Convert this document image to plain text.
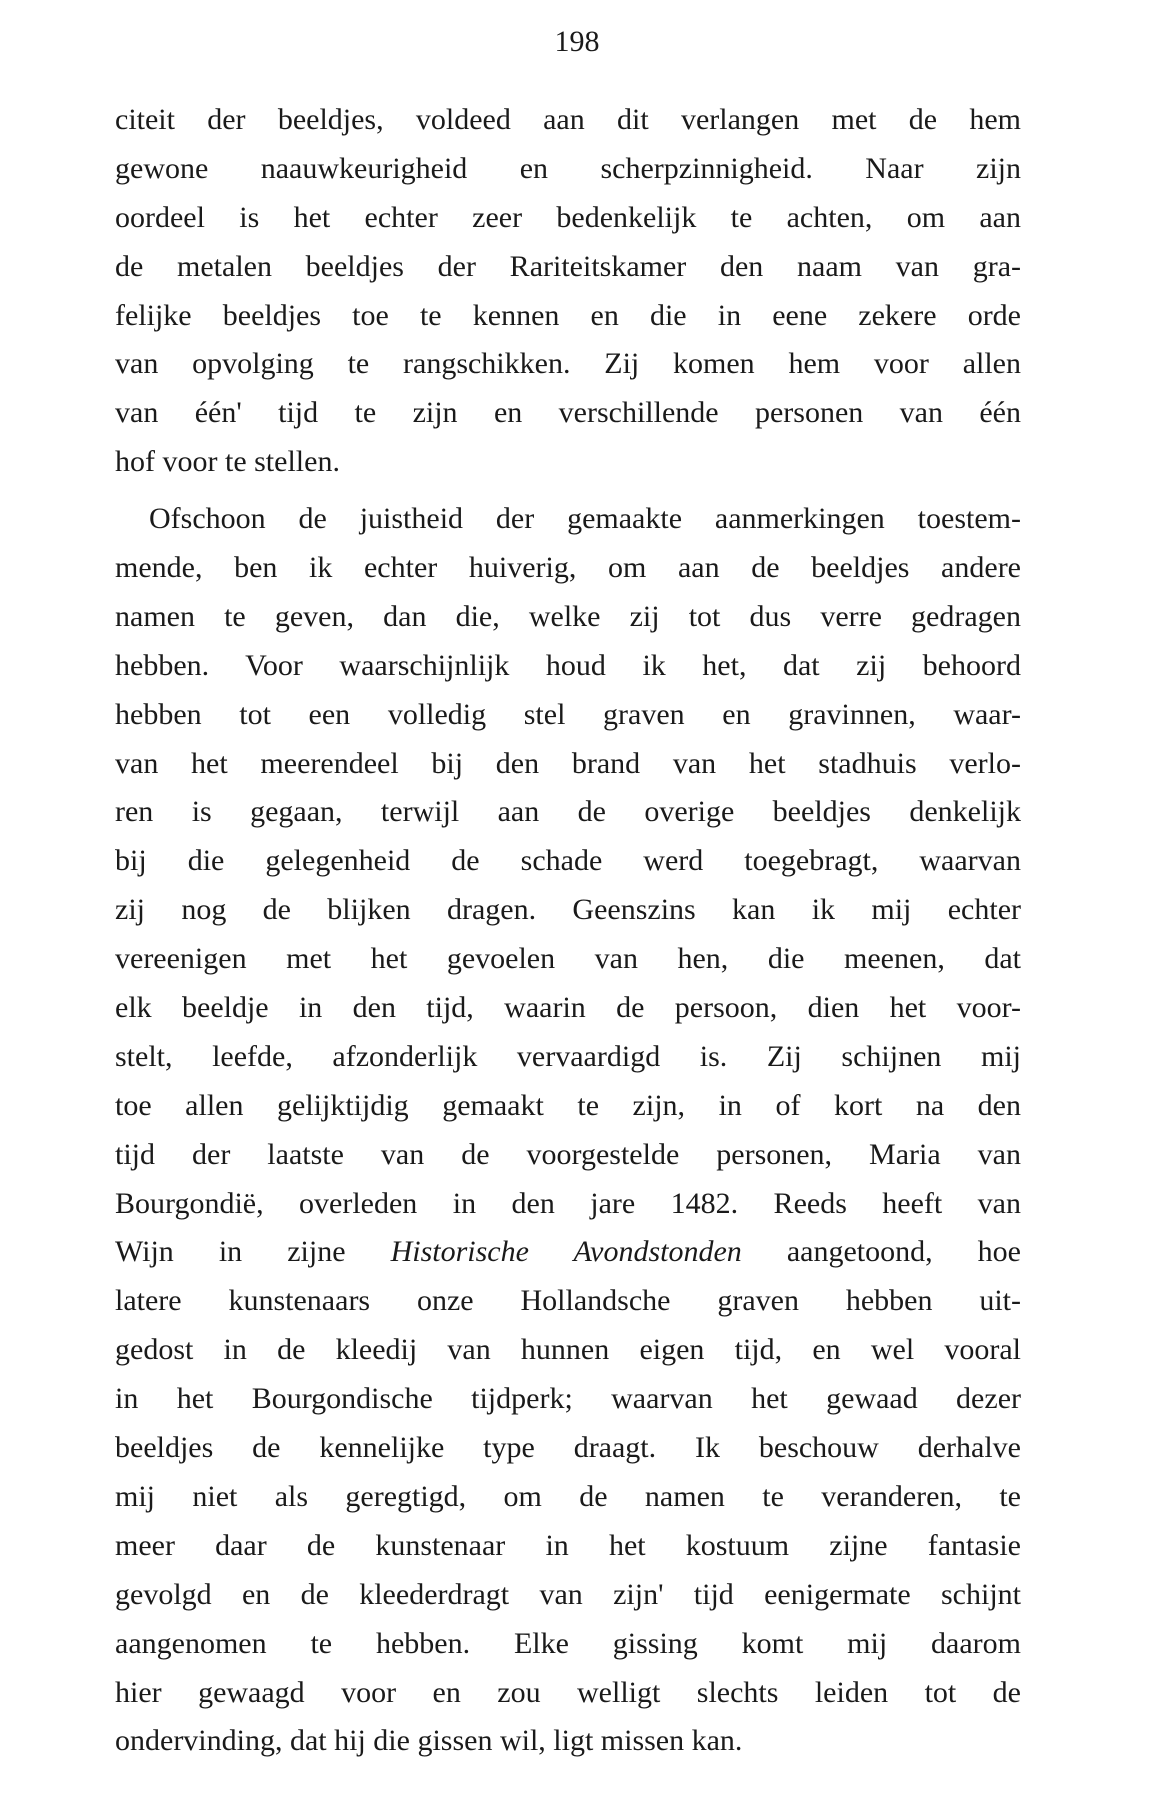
198
citeit der beeldjes, voldeed aan dit verlangen met de hem
gewone naauwkeurigheid en scherpzinnigheid. Naar zijn
oordeel is het echter zeer bedenkelijk te achten, om aan
de metalen beeldjes der Rariteitskamer den naam van gra-
felijke beeldjes toe te kennen en die in eene zekere orde
van opvolging te rangschikken. Zij komen hem voor allen
van één' tijd te zijn en verschillende personen van één
hof voor te stellen.
Ofschoon de juistheid der gemaakte aanmerkingen toestem-
mende, ben ik echter huiverig, om aan de beeldjes andere
namen te geven, dan die, welke zij tot dus verre gedragen
hebben. Voor waarschijnlijk houd ik het, dat zij behoord
hebben tot een volledig stel graven en gravinnen, waar-
van het meerendeel bij den brand van het stadhuis verlo-
ren is gegaan, terwijl aan de overige beeldjes denkelijk
bij die gelegenheid de schade werd toegebragt, waarvan
zij nog de blijken dragen. Geenszins kan ik mij echter
vereenigen met het gevoelen van hen, die meenen, dat
elk beeldje in den tijd, waarin de persoon, dien het voor-
stelt, leefde, afzonderlijk vervaardigd is. Zij schijnen mij
toe allen gelijktijdig gemaakt te zijn, in of kort na den
tijd der laatste van de voorgestelde personen, Maria van
Bourgondië, overleden in den jare 1482. Reeds heeft van
Wijn in zijne Historische Avondstonden aangetoond, hoe
latere kunstenaars onze Hollandsche graven hebben uit-
gedost in de kleedij van hunnen eigen tijd, en wel vooral
in het Bourgondische tijdperk; waarvan het gewaad dezer
beeldjes de kennelijke type draagt. Ik beschouw derhalve
mij niet als geregtigd, om de namen te veranderen, te
meer daar de kunstenaar in het kostuum zijne fantasie
gevolgd en de kleederdragt van zijn' tijd eenigermate schijnt
aangenomen te hebben. Elke gissing komt mij daarom
hier gewaagd voor en zou welligt slechts leiden tot de
ondervinding, dat hij die gissen wil, ligt missen kan.
